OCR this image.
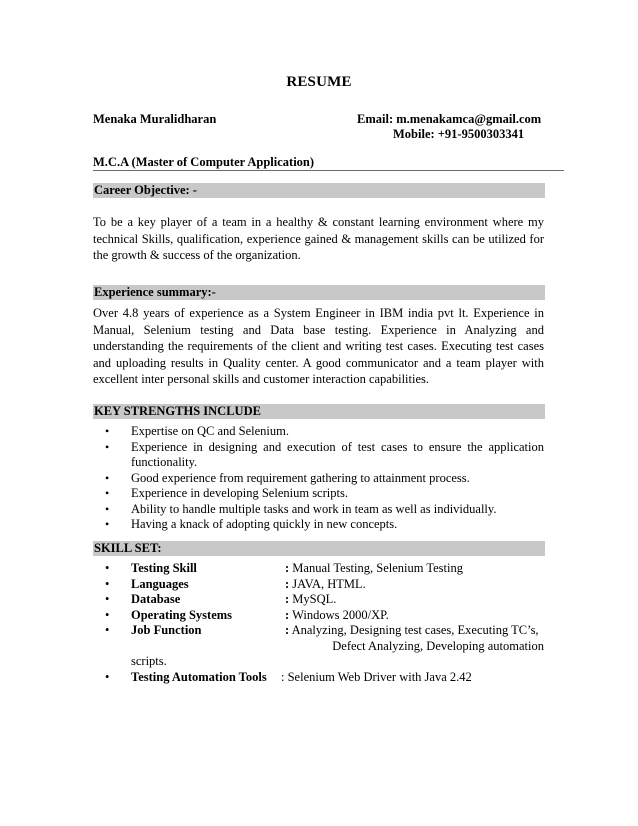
RESUME
Menaka Muralidharan	Email: m.menakamca@gmail.com
Mobile: +91-9500303341
M.C.A (Master of Computer Application)
Career Objective: -
To be a key player of a team in a healthy & constant learning environment where my technical Skills, qualification, experience gained & management skills can be utilized for the growth & success of the organization.
Experience summary:-
Over 4.8 years of experience as a System Engineer in IBM india pvt lt. Experience in Manual, Selenium testing and Data base testing. Experience in Analyzing and understanding the requirements of the client and writing test cases. Executing test cases and uploading results in Quality center. A good communicator and a team player with excellent inter personal skills and customer interaction capabilities.
KEY STRENGTHS INCLUDE
• Expertise on QC and Selenium.
• Experience in designing and execution of test cases to ensure the application functionality.
• Good experience from requirement gathering to attainment process.
• Experience in developing Selenium scripts.
• Ability to handle multiple tasks and work in team as well as individually.
• Having a knack of adopting quickly in new concepts.
SKILL SET:
• Testing Skill	: Manual Testing, Selenium Testing
• Languages	: JAVA, HTML.
• Database	: MySQL.
• Operating Systems	: Windows 2000/XP.
• Job Function	: Analyzing, Designing test cases, Executing TC’s,
Defect Analyzing, Developing automation
scripts.
• Testing Automation Tools : Selenium Web Driver with Java 2.42
